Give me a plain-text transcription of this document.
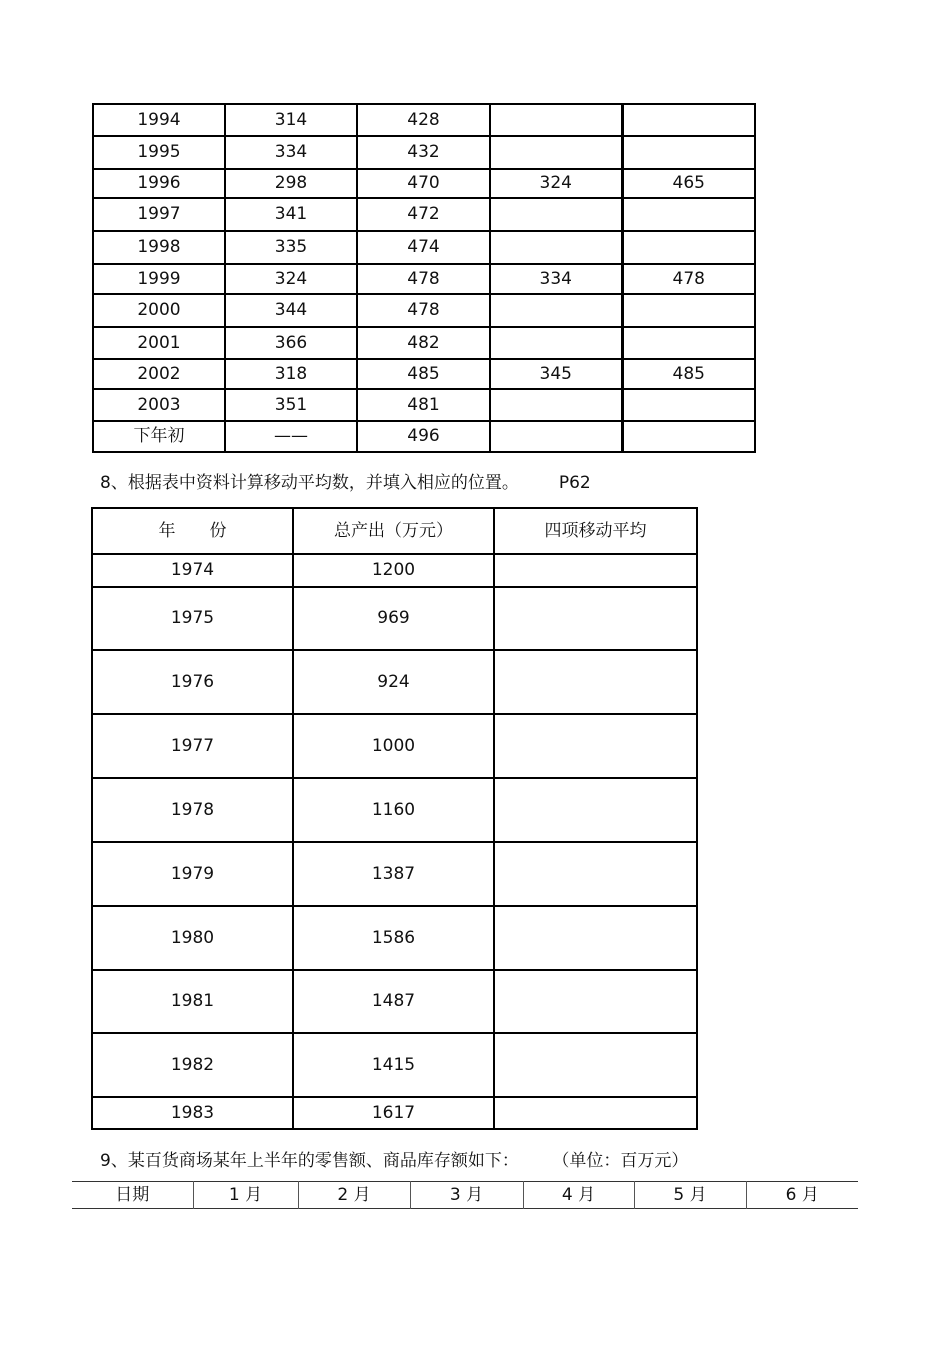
1994	314	428		
1995	334	432		
1996	298	470	324	465
1997	341	472		
1998	335	474		
1999	324	478	334	478
2000	344	478		
2001	366	482		
2002	318	485	345	485
2003	351	481		
下年初	——	496		
8、根据表中资料计算移动平均数，并填入相应的位置。 P62
年　　份	总产出（万元）	四项移动平均
1974	1200	
1975	969	
1976	924	
1977	1000	
1978	1160	
1979	1387	
1980	1586	
1981	1487	
1982	1415	
1983	1617	
9、某百货商场某年上半年的零售额、商品库存额如下： （单位：百万元）
日期	1 月	2 月	3 月	4 月	5 月	6 月
